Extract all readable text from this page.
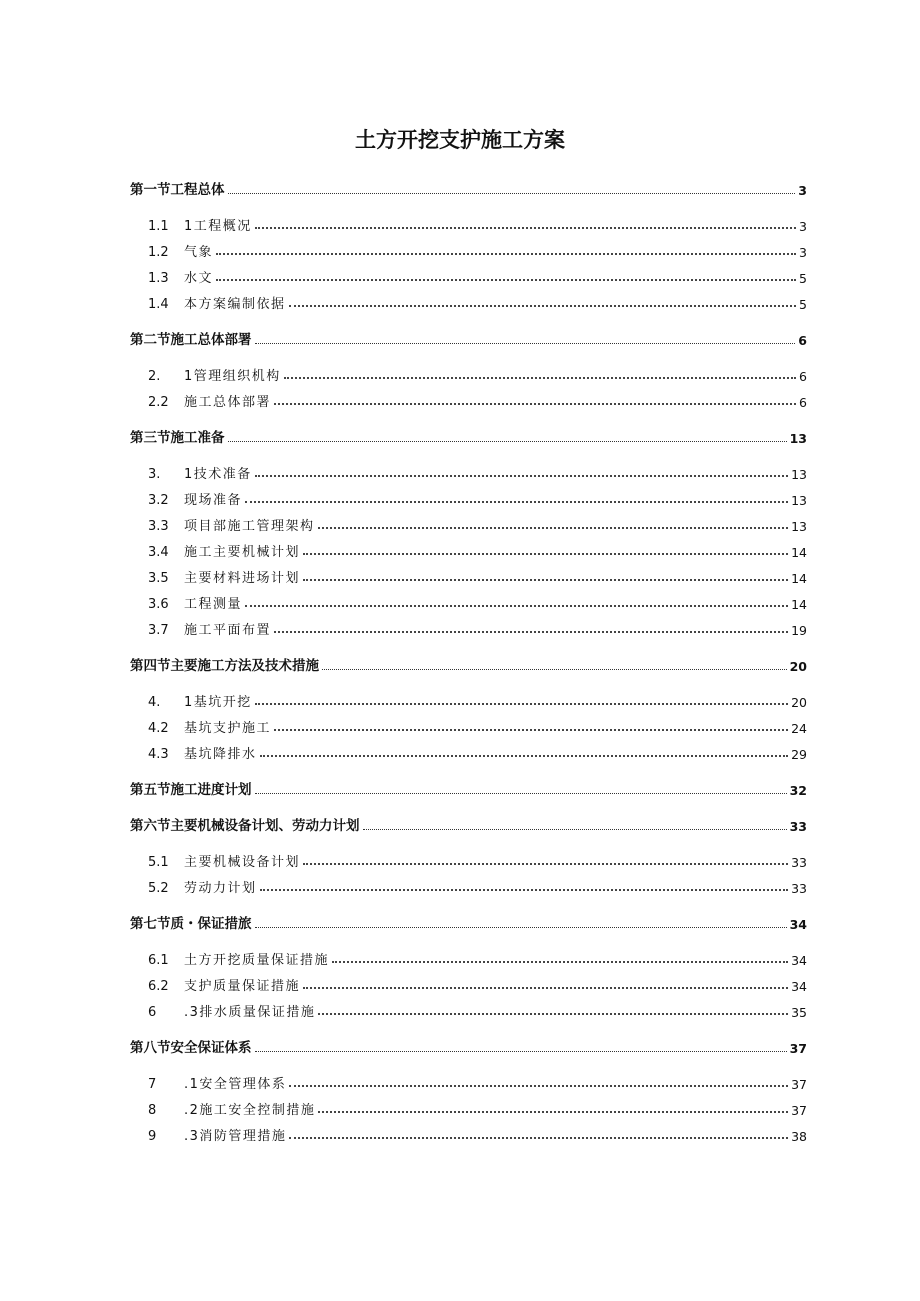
土方开挖支护施工方案
第一节工程总体	3
1.1	1工程概况	3
1.2	气象	3
1.3	水文	5
1.4	本方案编制依据	5
第二节施工总体部署	6
2.	1管理组织机构	6
2.2	施工总体部署	6
第三节施工准备	13
3.	1技术准备	13
3.2	现场准备	13
3.3	项目部施工管理架构	13
3.4	施工主要机械计划	14
3.5	主要材料进场计划	14
3.6	工程测量	14
3.7	施工平面布置	19
第四节主要施工方法及技术措施	20
4.	1基坑开挖	20
4.2	基坑支护施工	24
4.3	基坑降排水	29
第五节施工进度计划	32
第六节主要机械设备计划、劳动力计划	33
5.1	主要机械设备计划	33
5.2	劳动力计划	33
第七节质・保证措旅	34
6.1	土方开挖质量保证措施	34
6.2	支护质量保证措施	34
6	.3排水质量保证措施	35
第八节安全保证体系	37
7	.1安全管理体系	37
8	.2施工安全控制措施	37
9	.3消防管理措施	38
